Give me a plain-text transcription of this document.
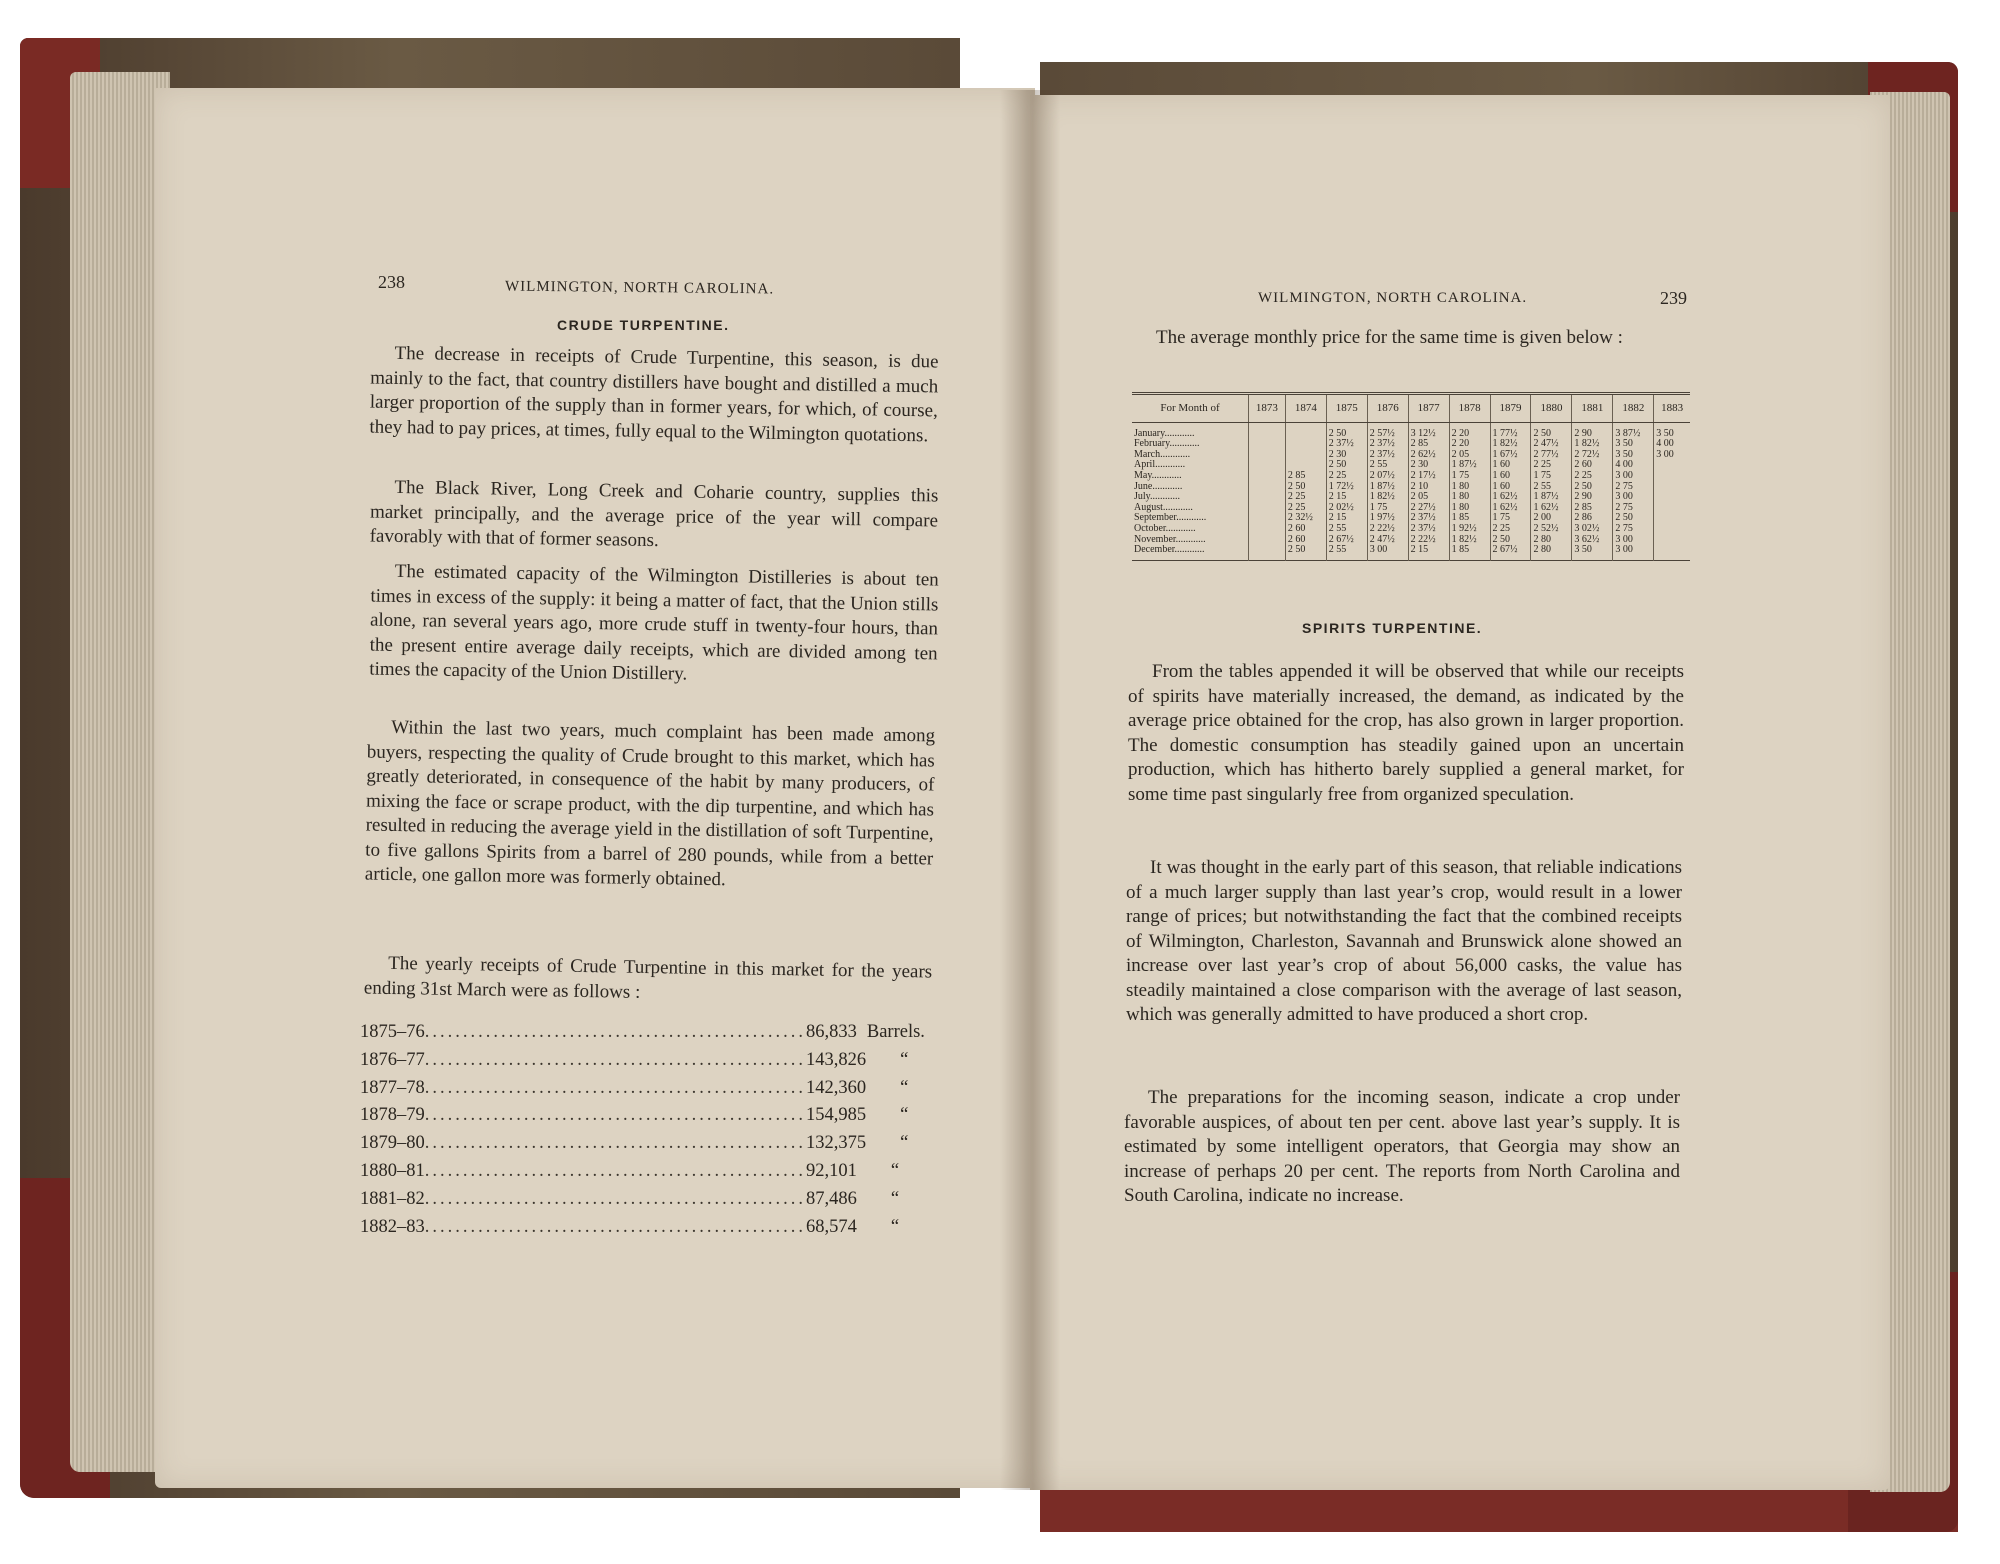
238	WILMINGTON, NORTH CAROLINA.
CRUDE TURPENTINE.

The decrease in receipts of Crude Turpentine, this season, is due mainly to the fact, that country distillers have bought and distilled a much larger proportion of the supply than in former years, for which, of course, they had to pay prices, at times, fully equal to the Wilmington quotations.

The Black River, Long Creek and Coharie country, supplies this market principally, and the average price of the year will compare favorably with that of former seasons.

The estimated capacity of the Wilmington Distilleries is about ten times in excess of the supply: it being a matter of fact, that the Union stills alone, ran several years ago, more crude stuff in twenty-four hours, than the present entire average daily receipts, which are divided among ten times the capacity of the Union Distillery.

Within the last two years, much complaint has been made among buyers, respecting the quality of Crude brought to this market, which has greatly deteriorated, in consequence of the habit by many producers, of mixing the face or scrape product, with the dip turpentine, and which has resulted in reducing the average yield in the distillation of soft Turpentine, to five gallons Spirits from a barrel of 280 pounds, while from a better article, one gallon more was formerly obtained.

The yearly receipts of Crude Turpentine in this market for the years ending 31st March were as follows :

1875–76 .................................................. 86,833 Barrels.
1876–77 .................................................. 143,826	“
1877–78 .................................................. 142,360	“
1878–79 .................................................. 154,985	“
1879–80 .................................................. 132,375	“
1880–81 .................................................. 92,101	“
1881–82 .................................................. 87,486	“
1882–83 .................................................. 68,574	“
WILMINGTON, NORTH CAROLINA.	239

The average monthly price for the same time is given below :

For Month of	1873	1874	1875	1876	1877	1878	1879	1880	1881	1882	1883
January............			2 50	2 57½	3 12½	2 20	1 77½	2 50	2 90	3 87½	3 50
February............			2 37½	2 37½	2 85	2 20	1 82½	2 47½	1 82½	3 50	4 00
March............			2 30	2 37½	2 62½	2 05	1 67½	2 77½	2 72½	3 50	3 00
April............			2 50	2 55	2 30	1 87½	1 60	2 25	2 60	4 00	
May............		2 85	2 25	2 07½	2 17½	1 75	1 60	1 75	2 25	3 00	
June............		2 50	1 72½	1 87½	2 10	1 80	1 60	2 55	2 50	2 75	
July............		2 25	2 15	1 82½	2 05	1 80	1 62½	1 87½	2 90	3 00	
August............		2 25	2 02½	1 75	2 27½	1 80	1 62½	1 62½	2 85	2 75	
September............		2 32½	2 15	1 97½	2 37½	1 85	1 75	2 00	2 86	2 50	
October............		2 60	2 55	2 22½	2 37½	1 92½	2 25	2 52½	3 02½	2 75	
November............		2 60	2 67½	2 47½	2 22½	1 82½	2 50	2 80	3 62½	3 00	
December............		2 50	2 55	3 00	2 15	1 85	2 67½	2 80	3 50	3 00	
SPIRITS TURPENTINE.

From the tables appended it will be observed that while our receipts of spirits have materially increased, the demand, as indicated by the average price obtained for the crop, has also grown in larger proportion. The domestic consumption has steadily gained upon an uncertain production, which has hitherto barely supplied a general market, for some time past singularly free from organized speculation.

It was thought in the early part of this season, that reliable indications of a much larger supply than last year’s crop, would result in a lower range of prices; but notwithstanding the fact that the combined receipts of Wilmington, Charleston, Savannah and Brunswick alone showed an increase over last year’s crop of about 56,000 casks, the value has steadily maintained a close comparison with the average of last season, which was generally admitted to have produced a short crop.

The preparations for the incoming season, indicate a crop under favorable auspices, of about ten per cent. above last year’s supply. It is estimated by some intelligent operators, that Georgia may show an increase of perhaps 20 per cent. The reports from North Carolina and South Carolina, indicate no increase.
